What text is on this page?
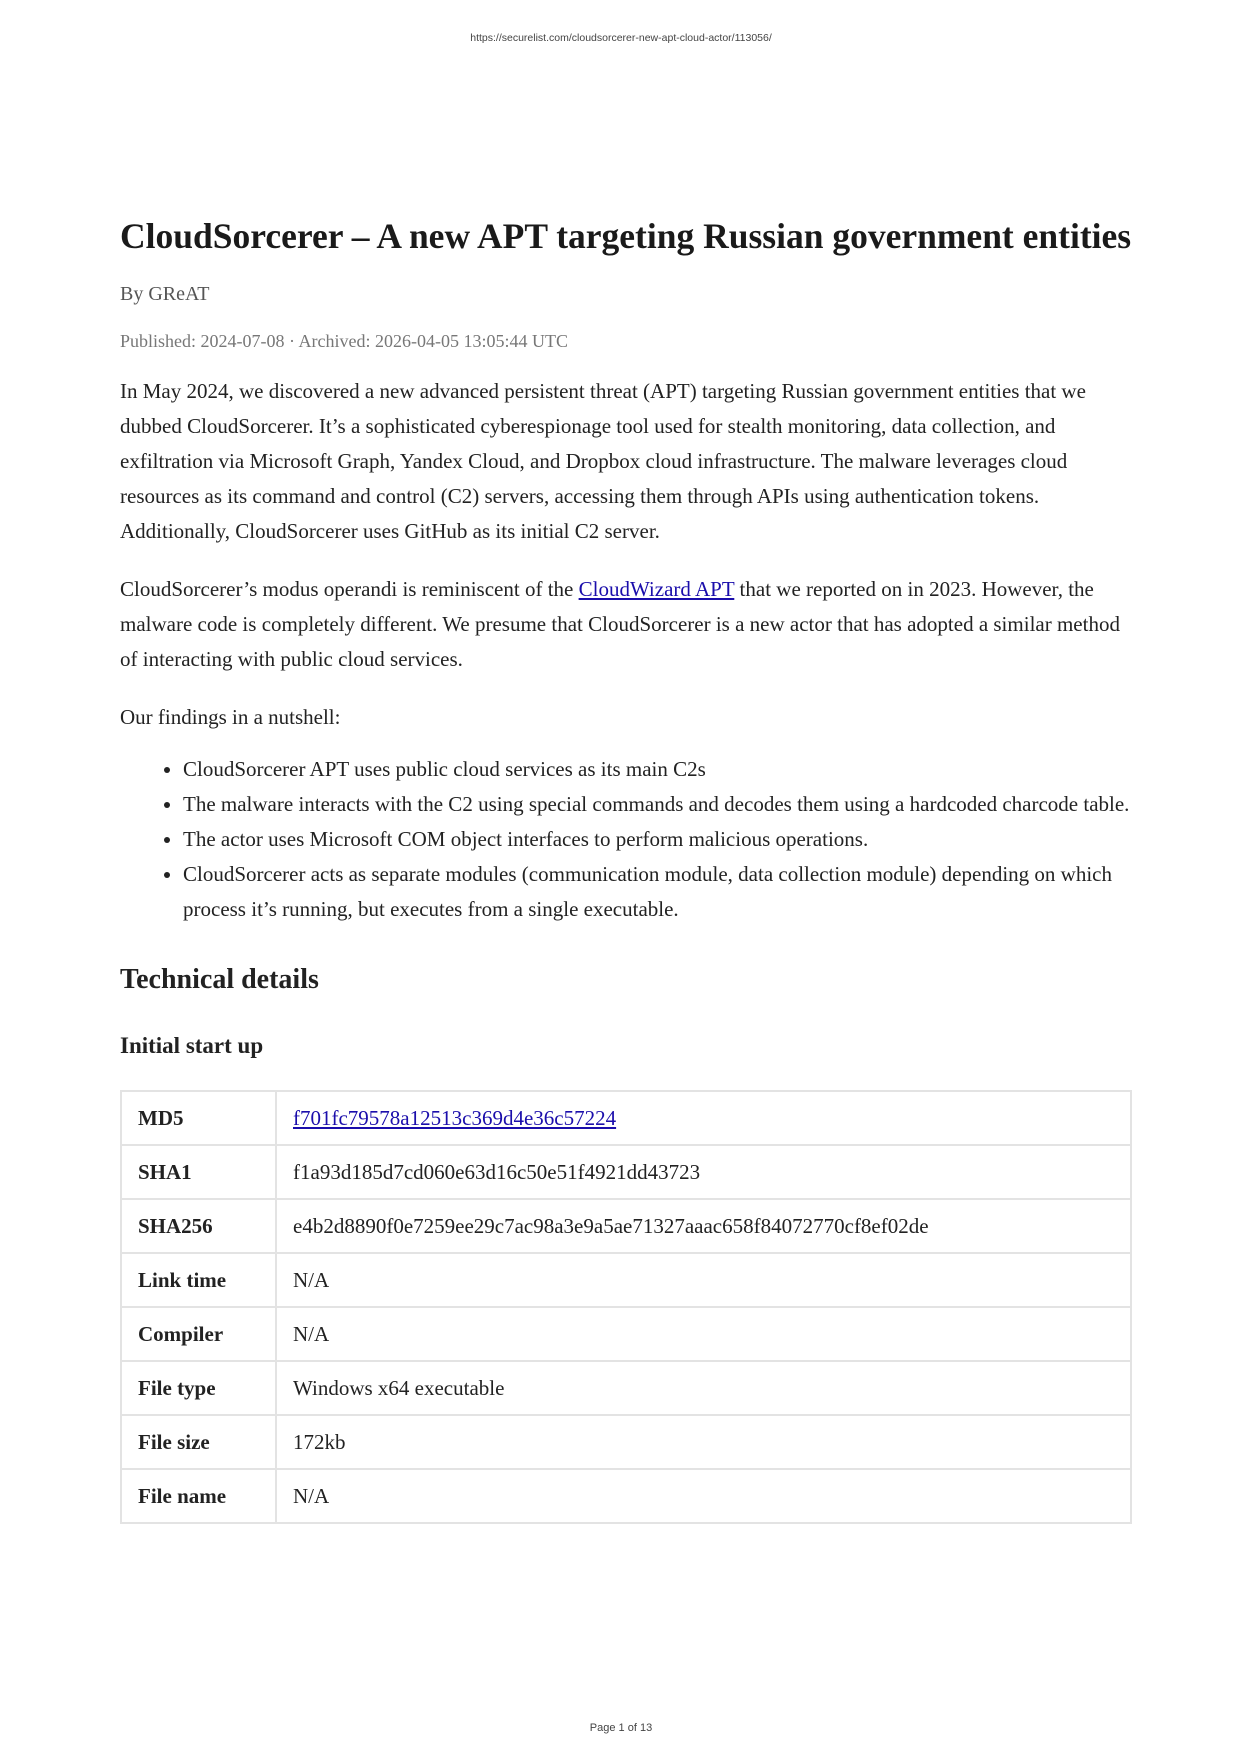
https://securelist.com/cloudsorcerer-new-apt-cloud-actor/113056/
CloudSorcerer – A new APT targeting Russian government entities
By GReAT
Published: 2024-07-08 · Archived: 2026-04-05 13:05:44 UTC

In May 2024, we discovered a new advanced persistent threat (APT) targeting Russian government entities that we dubbed CloudSorcerer. It’s a sophisticated cyberespionage tool used for stealth monitoring, data collection, and exfiltration via Microsoft Graph, Yandex Cloud, and Dropbox cloud infrastructure. The malware leverages cloud resources as its command and control (C2) servers, accessing them through APIs using authentication tokens. Additionally, CloudSorcerer uses GitHub as its initial C2 server.

CloudSorcerer’s modus operandi is reminiscent of the CloudWizard APT that we reported on in 2023. However, the malware code is completely different. We presume that CloudSorcerer is a new actor that has adopted a similar method of interacting with public cloud services.

Our findings in a nutshell:

• CloudSorcerer APT uses public cloud services as its main C2s
• The malware interacts with the C2 using special commands and decodes them using a hardcoded charcode table.
• The actor uses Microsoft COM object interfaces to perform malicious operations.
• CloudSorcerer acts as separate modules (communication module, data collection module) depending on which process it’s running, but executes from a single executable.
Technical details
Initial start up
MD5	f701fc79578a12513c369d4e36c57224
SHA1	f1a93d185d7cd060e63d16c50e51f4921dd43723
SHA256	e4b2d8890f0e7259ee29c7ac98a3e9a5ae71327aaac658f84072770cf8ef02de
Link time	N/A
Compiler	N/A
File type	Windows x64 executable
File size	172kb
File name	N/A
Page 1 of 13
